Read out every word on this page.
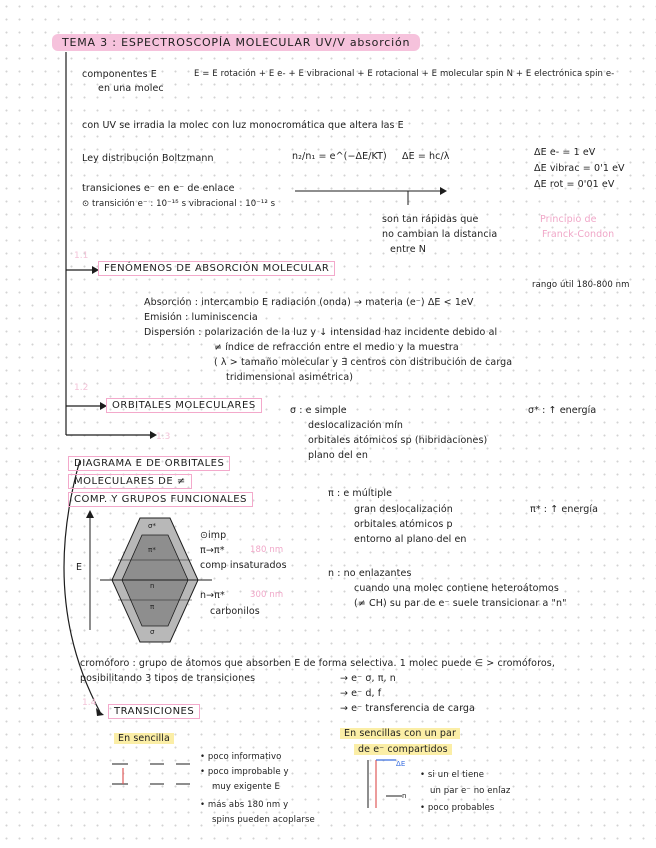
TEMA 3 : ESPECTROSCOPÍA MOLECULAR UV/V absorción
componentes E
en una molec
E = E rotación + E e- + E vibracional + E rotacional + E molecular spin N + E electrónica spin e-
con UV se irradia la molec con luz monocromática que altera las E
Ley distribución Boltzmann	n₂/n₁ = e^(−ΔE/KT) ΔE = hc/λ	ΔE e- = 1 eV
ΔE vibrac = 0'1 eV
ΔE rot = 0'01 eV
transiciones e⁻ en e⁻ de enlace
⊙ transición e⁻ : 10⁻¹⁵ s vibracional : 10⁻¹² s
son tan rápidas que
no cambian la distancia
entre N
Principio de
Franck-Condon
1.1
FENÓMENOS DE ABSORCIÓN MOLECULAR
rango útil 180-800 nm
Absorción : intercambio E radiación (onda) → materia (e⁻) ΔE < 1eV
Emisión : luminiscencia
Dispersión : polarización de la luz y ↓ intensidad haz incidente debido al
≠ índice de refracción entre el medio y la muestra
( λ > tamaño molecular y ∃ centros con distribución de carga
tridimensional asimétrica)
1.2
ORBITALES MOLECULARES	σ : e simple	σ* : ↑ energía
deslocalización mín
orbitales atómicos sp (hibridaciones)
plano del en
π : e múltiple
π* : ↑ energía
gran deslocalización
orbitales atómicos p
entorno al plano del en
n : no enlazantes
cuando una molec contiene heteroátomos
(≠ CH) su par de e⁻ suele transicionar a "n"
1.3
DIAGRAMA E DE ORBITALES
MOLECULARES DE ≠
COMP. Y GRUPOS FUNCIONALES
E
σ*
π*
n
π
σ
⊙imp
π→π*	180 nm
comp insaturados
n→π*	300 nm
carbonilos
cromóforo : grupo de átomos que absorben E de forma selectiva. 1 molec puede ∈ > cromóforos,
posibilitando 3 tipos de transiciones	→ e⁻ σ, π, n
→ e⁻ d, f
→ e⁻ transferencia de carga
1.4
TRANSICIONES
En sencilla
• poco informativo
• poco improbable y
muy exigente E
• más abs 180 nm y
spins pueden acoplarse
En sencillas con un par
de e⁻ compartidos
• si un el tiene
un par e⁻ no enlaz
• poco probables
ΔE
n
